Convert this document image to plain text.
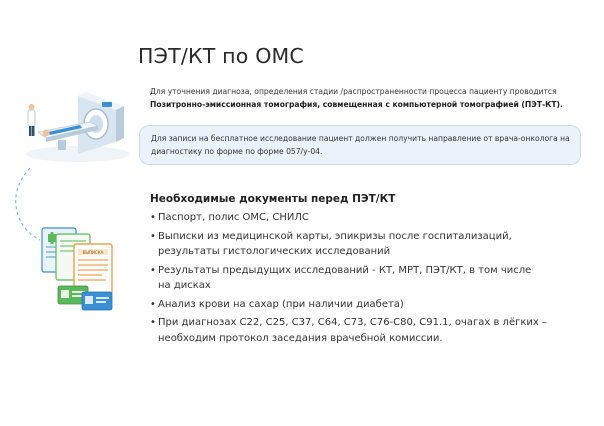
ВЫПИСКА
ПЭТ/КТ по ОМС
Для уточнения диагноза, определения стадии /распространенности процесса пациенту проводится
Позитронно-эмиссионная томография, совмещенная с компьютерной томографией (ПЭТ-КТ).
Для записи на бесплатное исследование пациент должен получить направление от врача-онколога на
диагностику по форме по форме 057/у-04.
Необходимые документы перед ПЭТ/КТ
• Паспорт, полис ОМС, СНИЛС
• Выписки из медицинской карты, эпикризы после госпитализаций,
результаты гистологических исследований
• Результаты предыдущих исследований - КТ, МРТ, ПЭТ/КТ, в том числе
на дисках
• Анализ крови на сахар (при наличии диабета)
• При диагнозах С22, С25, С37, С64, С73, С76-С80, С91.1, очагах в лёгких –
необходим протокол заседания врачебной комиссии.
